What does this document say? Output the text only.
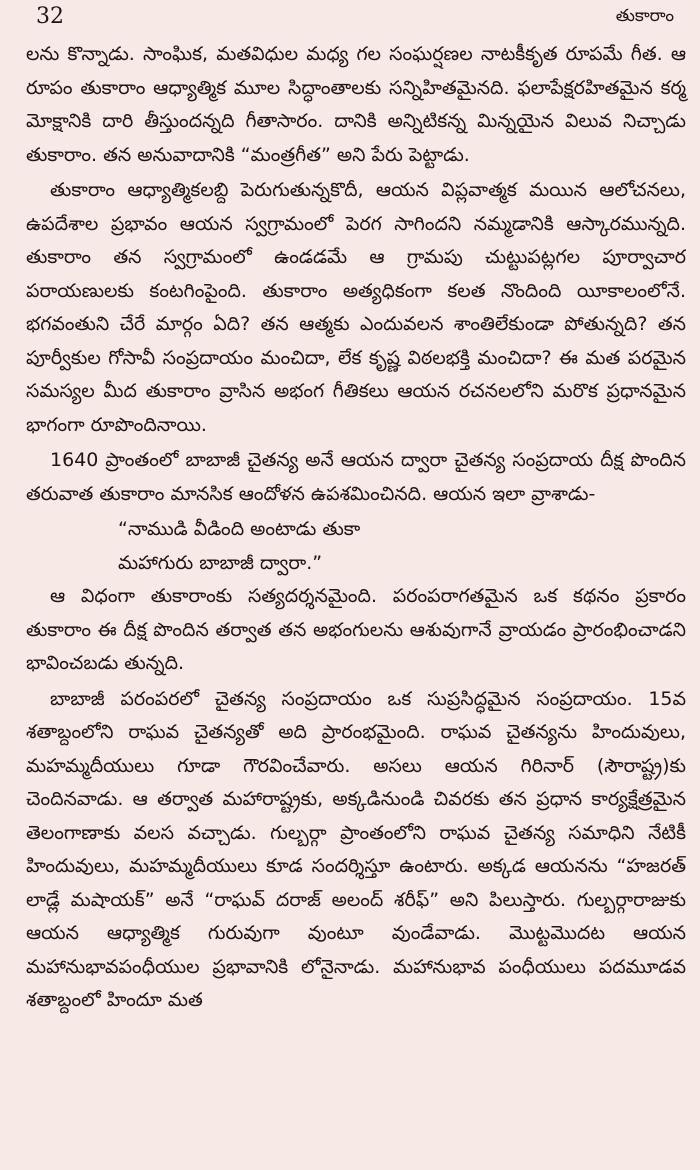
32	తుకారాం

లను కొన్నాడు. సాంఘిక, మతవిధుల మధ్య గల సంఘర్షణల నాటకీకృత రూపమే గీత. ఆ రూపం తుకారాం ఆధ్యాత్మిక మూల సిద్ధాంతాలకు సన్నిహితమైనది. ఫలాపేక్షరహితమైన కర్మ మోక్షానికి దారి తీస్తుందన్నది గీతాసారం. దానికి అన్నిటికన్న మిన్నయైన విలువ నిచ్చాడు తుకారాం. తన అనువాదానికి “మంత్రగీత” అని పేరు పెట్టాడు.

తుకారాం ఆధ్యాత్మికలబ్ది పెరుగుతున్నకొదీ, ఆయన విప్లవాత్మక మయిన ఆలోచనలు, ఉపదేశాల ప్రభావం ఆయన స్వగ్రామంలో పెరగ సాగిందని నమ్మడానికి ఆస్కారమున్నది. తుకారాం తన స్వగ్రామంలో ఉండడమే ఆ గ్రామపు చుట్టుపట్లగల పూర్వాచార పరాయణులకు కంటగింపైంది. తుకారాం అత్యధికంగా కలత నొందింది యీకాలంలోనే. భగవంతుని చేరే మార్గం ఏది? తన ఆత్మకు ఎందువలన శాంతిలేకుండా పోతున్నది? తన పూర్వీకుల గోసావీ సంప్రదాయం మంచిదా, లేక కృష్ణ విఠలభక్తి మంచిదా? ఈ మత పరమైన సమస్యల మీద తుకారాం వ్రాసిన అభంగ గీతికలు ఆయన రచనలలోని మరొక ప్రధానమైన భాగంగా రూపొందినాయి.

1640 ప్రాంతంలో బాబాజీ చైతన్య అనే ఆయన ద్వారా చైతన్య సంప్రదాయ దీక్ష పొందిన తరువాత తుకారాం మానసిక ఆందోళన ఉపశమించినది. ఆయన ఇలా వ్రాశాడు-

“నాముడి వీడింది అంటాడు తుకా
మహాగురు బాబాజీ ద్వారా.”

ఆ విధంగా తుకారాంకు సత్యదర్శనమైంది. పరంపరాగతమైన ఒక కథనం ప్రకారం తుకారాం ఈ దీక్ష పొందిన తర్వాత తన అభంగులను ఆశువుగానే వ్రాయడం ప్రారంభించాడని భావించబడు తున్నది.

బాబాజీ పరంపరలో చైతన్య సంప్రదాయం ఒక సుప్రసిద్ధమైన సంప్రదాయం. 15వ శతాబ్దంలోని రాఘవ చైతన్యతో అది ప్రారంభమైంది. రాఘవ చైతన్యను హిందువులు, మహమ్మదీయులు గూడా గౌరవించేవారు. అసలు ఆయన గిరినార్ (సౌరాష్ట్ర)కు చెందినవాడు. ఆ తర్వాత మహారాష్ట్రకు, అక్కడినుండి చివరకు తన ప్రధాన కార్యక్షేత్రమైన తెలంగాణాకు వలస వచ్చాడు. గుల్బర్గా ప్రాంతంలోని రాఘవ చైతన్య సమాధిని నేటికీ హిందువులు, మహమ్మదీయులు కూడ సందర్శిస్తూ ఉంటారు. అక్కడ ఆయనను “హజరత్ లాడ్లే మషాయక్” అనే “రాఘవ్ దరాజ్ అలంద్ శరీఫ్” అని పిలుస్తారు. గుల్బర్గారాజుకు ఆయన ఆధ్యాత్మిక గురువుగా వుంటూ వుండేవాడు. మొట్టమొదట ఆయన మహానుభావపంధీయుల ప్రభావానికి లోనైనాడు. మహానుభావ పంధీయులు పదమూడవ శతాబ్దంలో హిందూ మత
